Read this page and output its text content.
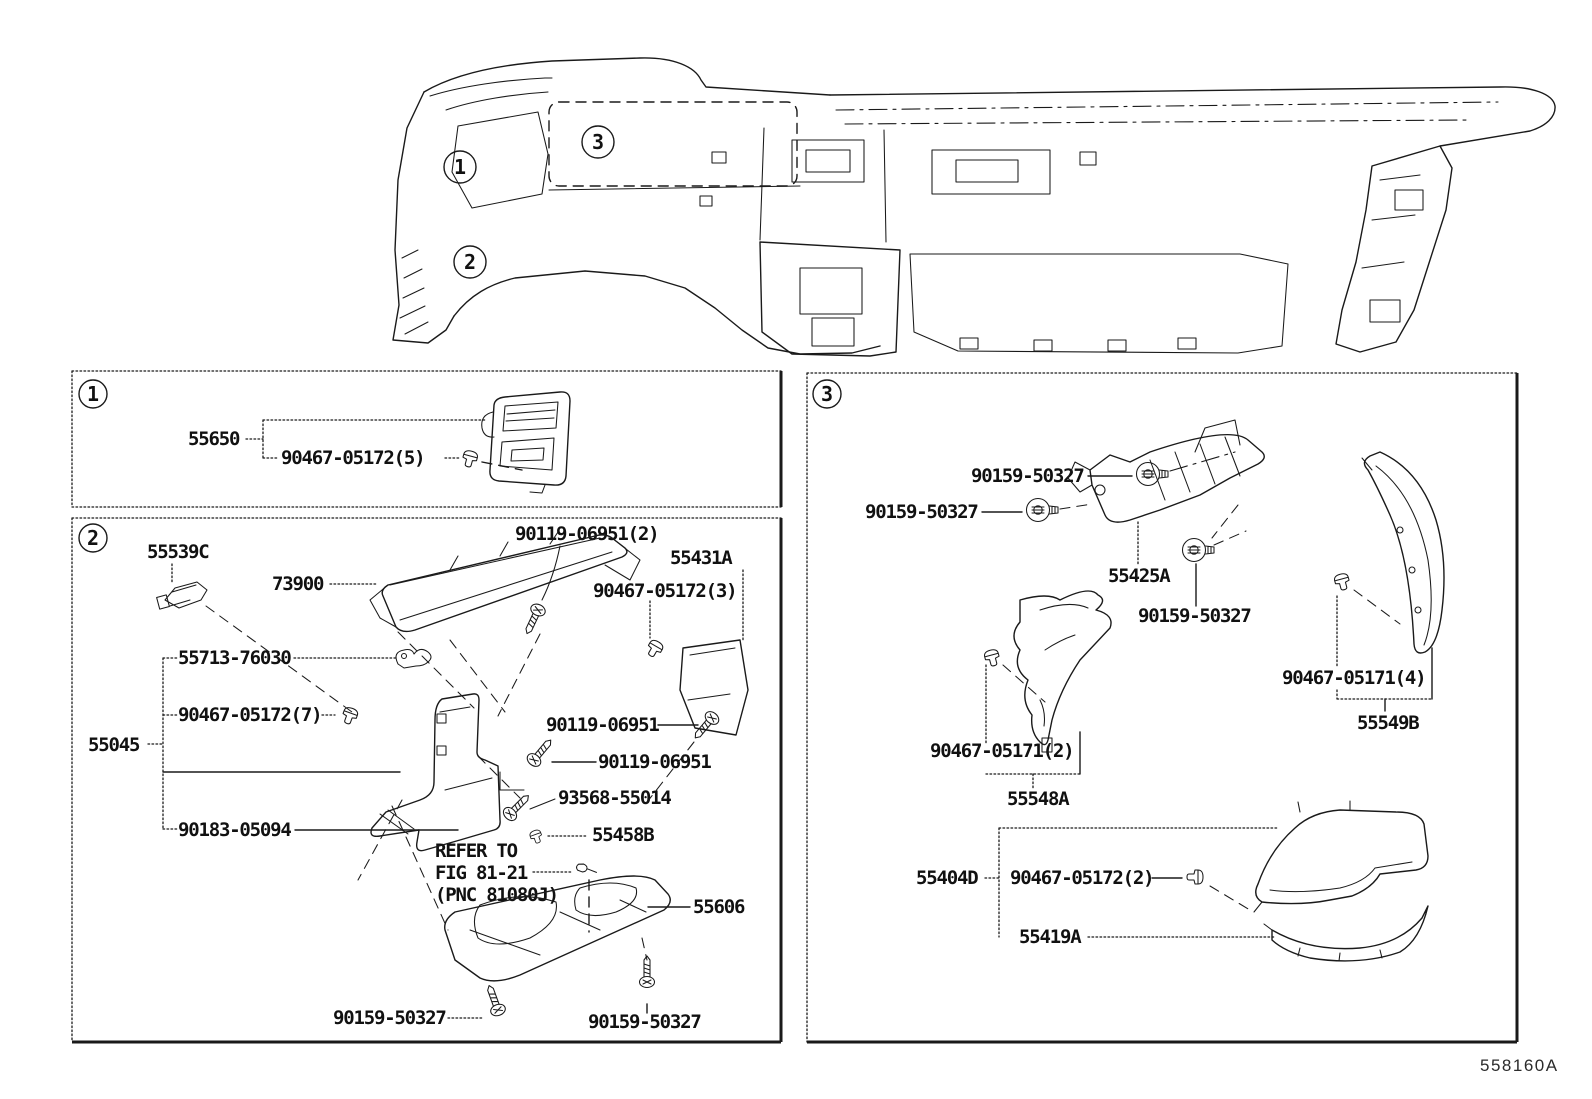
1
2
3
1
55650
90467-05172(5)
2
55539C
73900
90119-06951(2)
55431A
90467-05172(3)
55713-76030
90467-05172(7)
55045
90183-05094
90119-06951
90119-06951
93568-55014
55458B
REFER TO
FIG 81-21
(PNC 81080J)
55606
90159-50327	90159-50327
3
90159-50327
90159-50327
55425A
90159-50327
90467-05171(4)
55549B
90467-05171(2)
55548A
55404D 90467-05172(2)
55419A
558160A
